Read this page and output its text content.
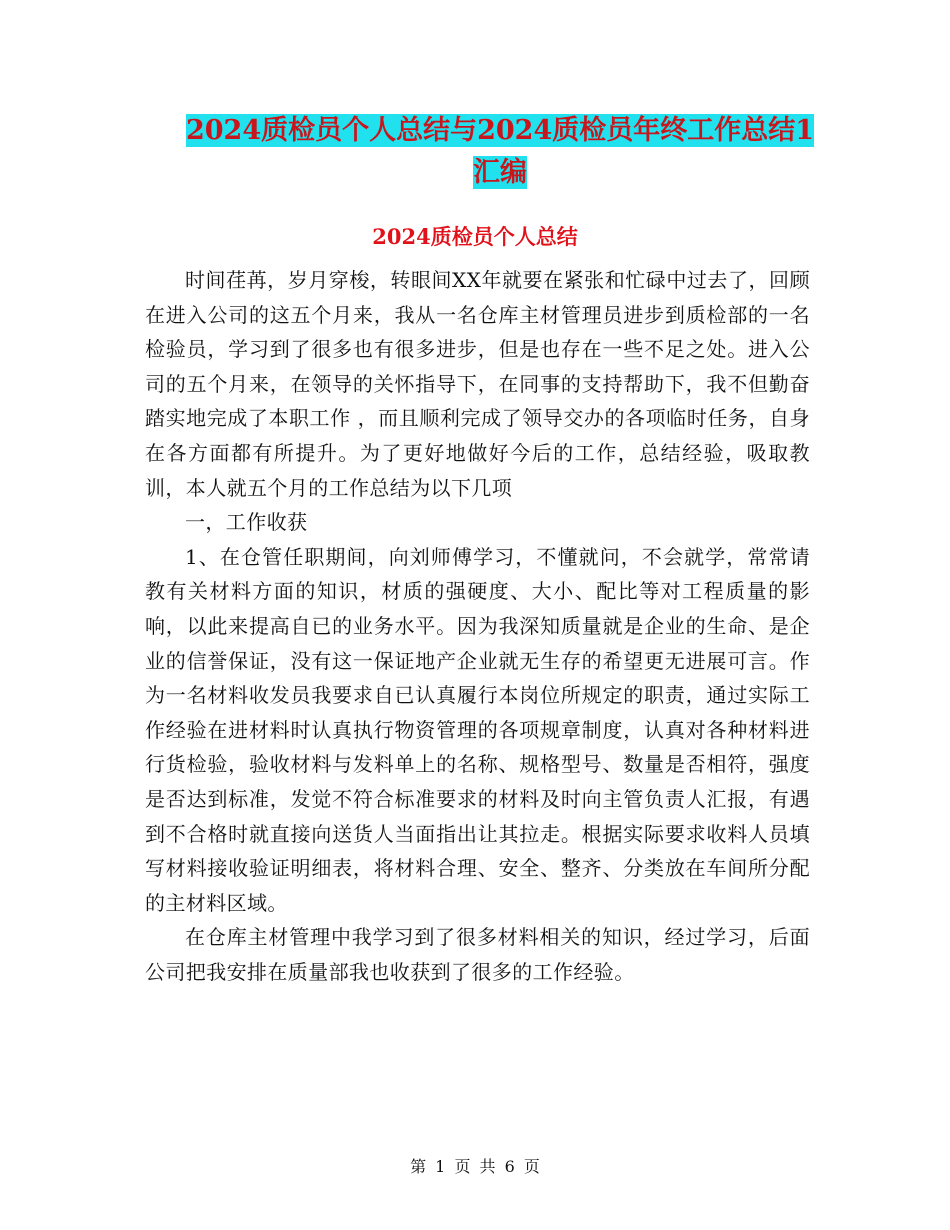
2024质检员个人总结与2024质检员年终工作总结1汇编
2024质检员个人总结

时间荏苒，岁月穿梭，转眼间XX年就要在紧张和忙碌中过去了，回顾在进入公司的这五个月来，我从一名仓库主材管理员进步到质检部的一名检验员，学习到了很多也有很多进步，但是也存在一些不足之处。进入公司的五个月来，在领导的关怀指导下，在同事的支持帮助下，我不但勤奋踏实地完成了本职工作 ，而且顺利完成了领导交办的各项临时任务，自身在各方面都有所提升。为了更好地做好今后的工作，总结经验，吸取教训，本人就五个月的工作总结为以下几项

一，工作收获

1、在仓管任职期间，向刘师傅学习，不懂就问，不会就学，常常请教有关材料方面的知识，材质的强硬度、大小、配比等对工程质量的影响，以此来提高自已的业务水平。因为我深知质量就是企业的生命、是企业的信誉保证，没有这一保证地产企业就无生存的希望更无进展可言。作为一名材料收发员我要求自已认真履行本岗位所规定的职责，通过实际工作经验在进材料时认真执行物资管理的各项规章制度，认真对各种材料进行货检验，验收材料与发料单上的名称、规格型号、数量是否相符，强度是否达到标准，发觉不符合标准要求的材料及时向主管负责人汇报，有遇到不合格时就直接向送货人当面指出让其拉走。根据实际要求收料人员填写材料接收验证明细表，将材料合理、安全、整齐、分类放在车间所分配的主材料区域。

在仓库主材管理中我学习到了很多材料相关的知识，经过学习，后面公司把我安排在质量部我也收获到了很多的工作经验。

第 1 页 共 6 页
